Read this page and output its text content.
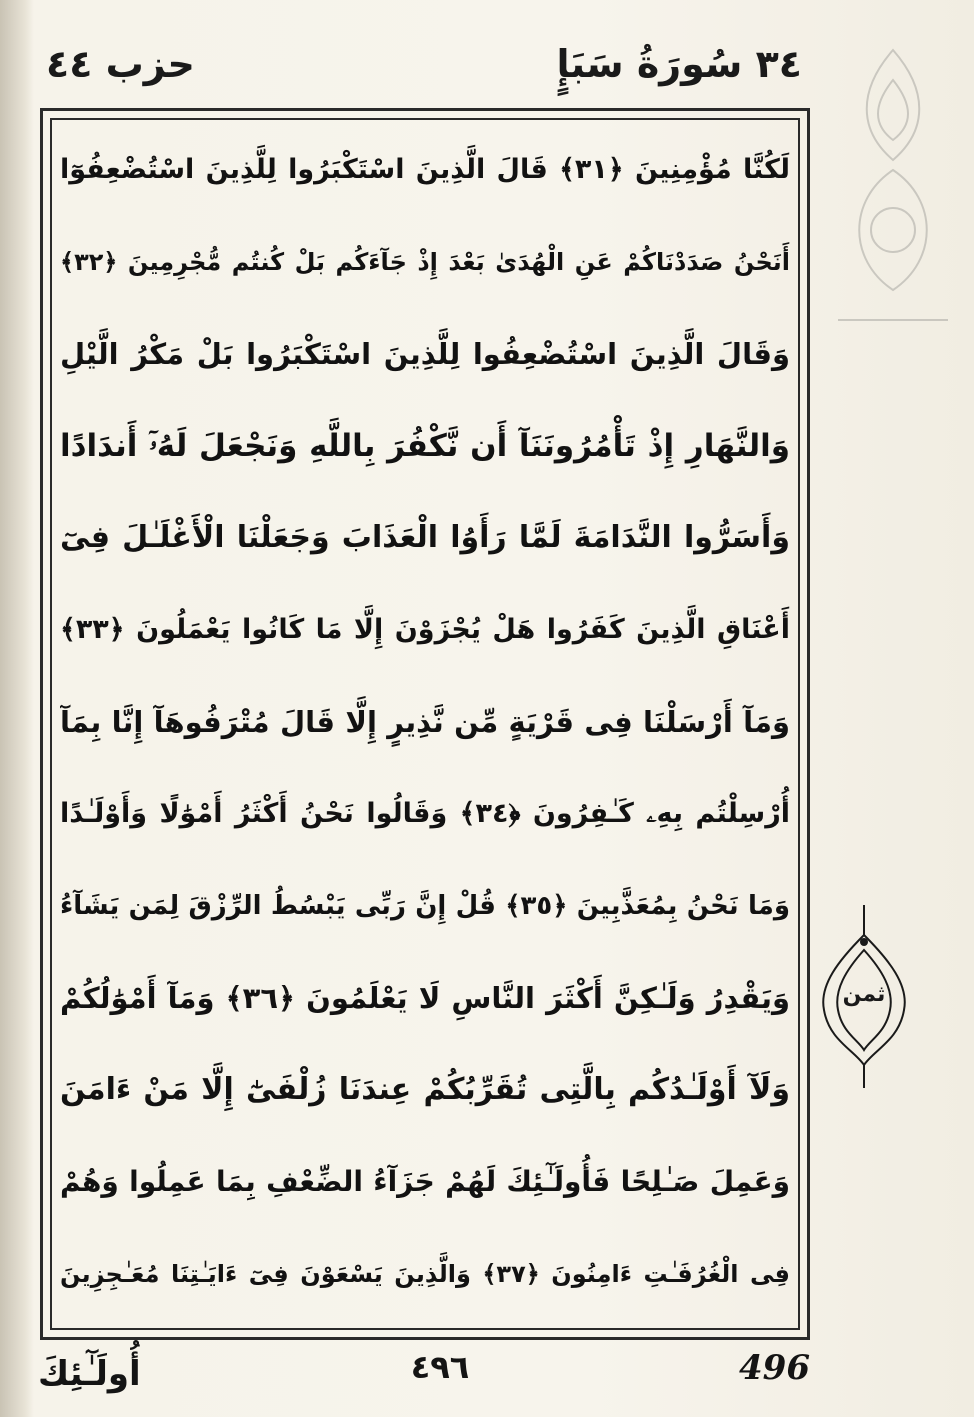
حزب ٤٤	٣٤ سُورَةُ سَبَإٍ
لَكُنَّا مُؤْمِنِينَ ﴿٣١﴾ قَالَ الَّذِينَ اسْتَكْبَرُوا لِلَّذِينَ اسْتُضْعِفُوٓا
أَنَحْنُ صَدَدْنَاكُمْ عَنِ الْهُدَىٰ بَعْدَ إِذْ جَآءَكُم بَلْ كُنتُم مُّجْرِمِينَ ﴿٣٢﴾
وَقَالَ الَّذِينَ اسْتُضْعِفُوا لِلَّذِينَ اسْتَكْبَرُوا بَلْ مَكْرُ الَّيْلِ
وَالنَّهَارِ إِذْ تَأْمُرُونَنَآ أَن نَّكْفُرَ بِاللَّهِ وَنَجْعَلَ لَهُۥٓ أَندَادًا
وَأَسَرُّوا النَّدَامَةَ لَمَّا رَأَوُا الْعَذَابَ وَجَعَلْنَا الْأَغْلَـٰلَ فِىٓ
أَعْنَاقِ الَّذِينَ كَفَرُوا هَلْ يُجْزَوْنَ إِلَّا مَا كَانُوا يَعْمَلُونَ ﴿٣٣﴾
وَمَآ أَرْسَلْنَا فِى قَرْيَةٍ مِّن نَّذِيرٍ إِلَّا قَالَ مُتْرَفُوهَآ إِنَّا بِمَآ
أُرْسِلْتُم بِهِۦ كَـٰفِرُونَ ﴿٣٤﴾ وَقَالُوا نَحْنُ أَكْثَرُ أَمْوَٰلًا وَأَوْلَـٰدًا
وَمَا نَحْنُ بِمُعَذَّبِينَ ﴿٣٥﴾ قُلْ إِنَّ رَبِّى يَبْسُطُ الرِّزْقَ لِمَن يَشَآءُ
وَيَقْدِرُ وَلَـٰكِنَّ أَكْثَرَ النَّاسِ لَا يَعْلَمُونَ ﴿٣٦﴾ وَمَآ أَمْوَٰلُكُمْ
وَلَآ أَوْلَـٰدُكُم بِالَّتِى تُقَرِّبُكُمْ عِندَنَا زُلْفَىٰٓ إِلَّا مَنْ ءَامَنَ
وَعَمِلَ صَـٰلِحًا فَأُولَـٰٓئِكَ لَهُمْ جَزَآءُ الضِّعْفِ بِمَا عَمِلُوا وَهُمْ
فِى الْغُرُفَـٰتِ ءَامِنُونَ ﴿٣٧﴾ وَالَّذِينَ يَسْعَوْنَ فِىٓ ءَايَـٰتِنَا مُعَـٰجِزِينَ
ثمن
أُولَـٰٓئِكَ	٤٩٦	496
